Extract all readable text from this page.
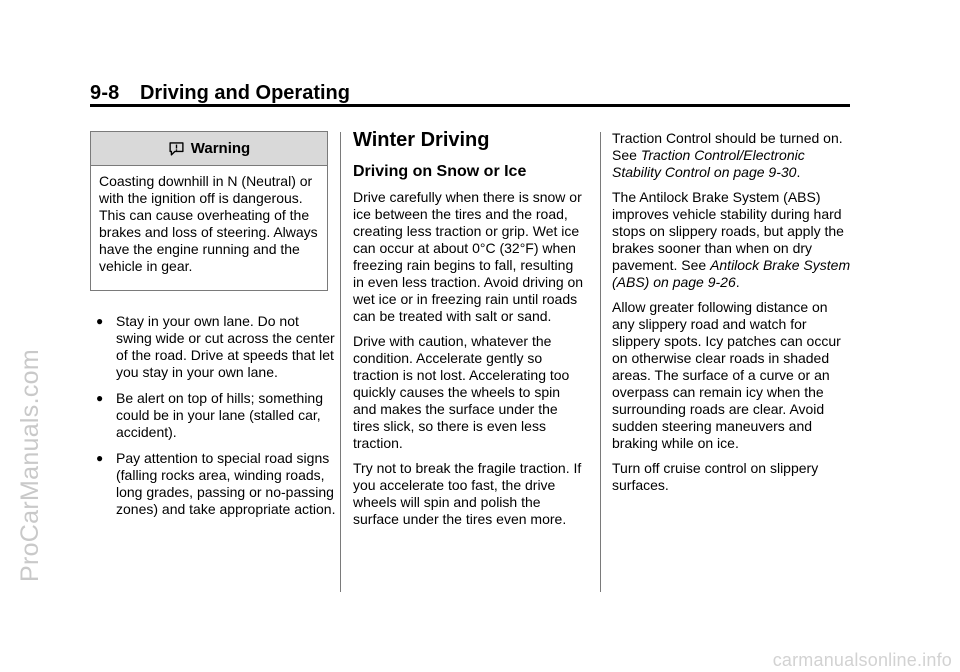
9-8 Driving and Operating
ProCarManuals.com
Warning
Coasting downhill in N (Neutral) or with the ignition off is dangerous. This can cause overheating of the brakes and loss of steering. Always have the engine running and the vehicle in gear.
● Stay in your own lane. Do not swing wide or cut across the center of the road. Drive at speeds that let you stay in your own lane.
● Be alert on top of hills; something could be in your lane (stalled car, accident).
● Pay attention to special road signs (falling rocks area, winding roads, long grades, passing or no-passing zones) and take appropriate action.
Winter Driving
Driving on Snow or Ice

Drive carefully when there is snow or ice between the tires and the road, creating less traction or grip. Wet ice can occur at about 0°C (32°F) when freezing rain begins to fall, resulting in even less traction. Avoid driving on wet ice or in freezing rain until roads can be treated with salt or sand.

Drive with caution, whatever the condition. Accelerate gently so traction is not lost. Accelerating too quickly causes the wheels to spin and makes the surface under the tires slick, so there is even less traction.

Try not to break the fragile traction. If you accelerate too fast, the drive wheels will spin and polish the surface under the tires even more.

Traction Control should be turned on. See Traction Control/Electronic Stability Control on page 9-30.

The Antilock Brake System (ABS) improves vehicle stability during hard stops on slippery roads, but apply the brakes sooner than when on dry pavement. See Antilock Brake System (ABS) on page 9-26.

Allow greater following distance on any slippery road and watch for slippery spots. Icy patches can occur on otherwise clear roads in shaded areas. The surface of a curve or an overpass can remain icy when the surrounding roads are clear. Avoid sudden steering maneuvers and braking while on ice.

Turn off cruise control on slippery surfaces.

carmanualsonline.info
